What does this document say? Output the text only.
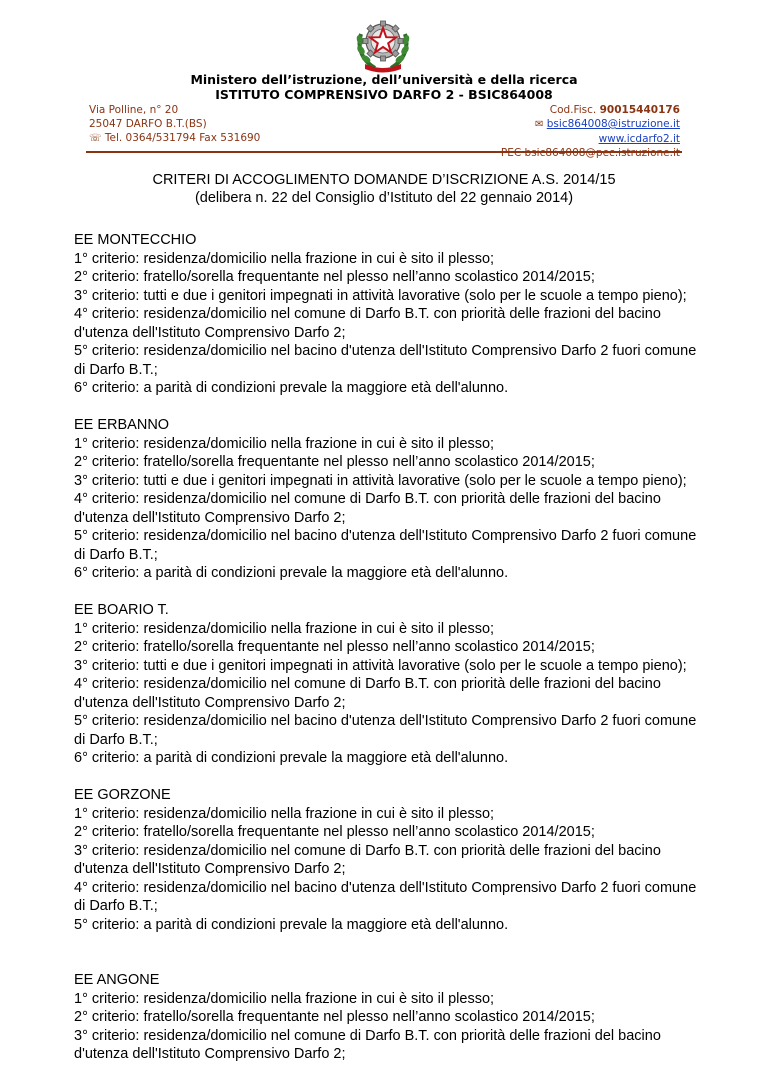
Ministero dell’istruzione, dell’università e della ricerca
ISTITUTO COMPRENSIVO DARFO 2 - BSIC864008
Via Polline, n° 20
25047 DARFO B.T.(BS)
☏ Tel. 0364/531794 Fax 531690
Cod.Fisc. 90015440176
✉ bsic864008@istruzione.it
www.icdarfo2.it
PEC bsic864008@pec.istruzione.it
CRITERI DI ACCOGLIMENTO DOMANDE D’ISCRIZIONE A.S. 2014/15
(delibera n. 22 del Consiglio d’Istituto del 22 gennaio 2014)
EE MONTECCHIO
1° criterio: residenza/domicilio nella frazione in cui è sito il plesso;
2° criterio: fratello/sorella frequentante nel plesso nell’anno scolastico 2014/2015;
3° criterio: tutti e due i genitori impegnati in attività lavorative (solo per le scuole a tempo pieno);
4° criterio: residenza/domicilio nel comune di Darfo B.T. con priorità delle frazioni del bacino
d'utenza dell'Istituto Comprensivo Darfo 2;
5° criterio: residenza/domicilio nel bacino d'utenza dell'Istituto Comprensivo Darfo 2 fuori comune
di Darfo B.T.;
6° criterio: a parità di condizioni prevale la maggiore età dell'alunno.
EE ERBANNO
1° criterio: residenza/domicilio nella frazione in cui è sito il plesso;
2° criterio: fratello/sorella frequentante nel plesso nell’anno scolastico 2014/2015;
3° criterio: tutti e due i genitori impegnati in attività lavorative (solo per le scuole a tempo pieno);
4° criterio: residenza/domicilio nel comune di Darfo B.T. con priorità delle frazioni del bacino
d'utenza dell'Istituto Comprensivo Darfo 2;
5° criterio: residenza/domicilio nel bacino d'utenza dell'Istituto Comprensivo Darfo 2 fuori comune
di Darfo B.T.;
6° criterio: a parità di condizioni prevale la maggiore età dell'alunno.
EE BOARIO T.
1° criterio: residenza/domicilio nella frazione in cui è sito il plesso;
2° criterio: fratello/sorella frequentante nel plesso nell’anno scolastico 2014/2015;
3° criterio: tutti e due i genitori impegnati in attività lavorative (solo per le scuole a tempo pieno);
4° criterio: residenza/domicilio nel comune di Darfo B.T. con priorità delle frazioni del bacino
d'utenza dell'Istituto Comprensivo Darfo 2;
5° criterio: residenza/domicilio nel bacino d'utenza dell'Istituto Comprensivo Darfo 2 fuori comune
di Darfo B.T.;
6° criterio: a parità di condizioni prevale la maggiore età dell'alunno.
EE GORZONE
1° criterio: residenza/domicilio nella frazione in cui è sito il plesso;
2° criterio: fratello/sorella frequentante nel plesso nell’anno scolastico 2014/2015;
3° criterio: residenza/domicilio nel comune di Darfo B.T. con priorità delle frazioni del bacino
d'utenza dell'Istituto Comprensivo Darfo 2;
4° criterio: residenza/domicilio nel bacino d'utenza dell'Istituto Comprensivo Darfo 2 fuori comune
di Darfo B.T.;
5° criterio: a parità di condizioni prevale la maggiore età dell'alunno.
EE ANGONE
1° criterio: residenza/domicilio nella frazione in cui è sito il plesso;
2° criterio: fratello/sorella frequentante nel plesso nell’anno scolastico 2014/2015;
3° criterio: residenza/domicilio nel comune di Darfo B.T. con priorità delle frazioni del bacino
d'utenza dell'Istituto Comprensivo Darfo 2;
